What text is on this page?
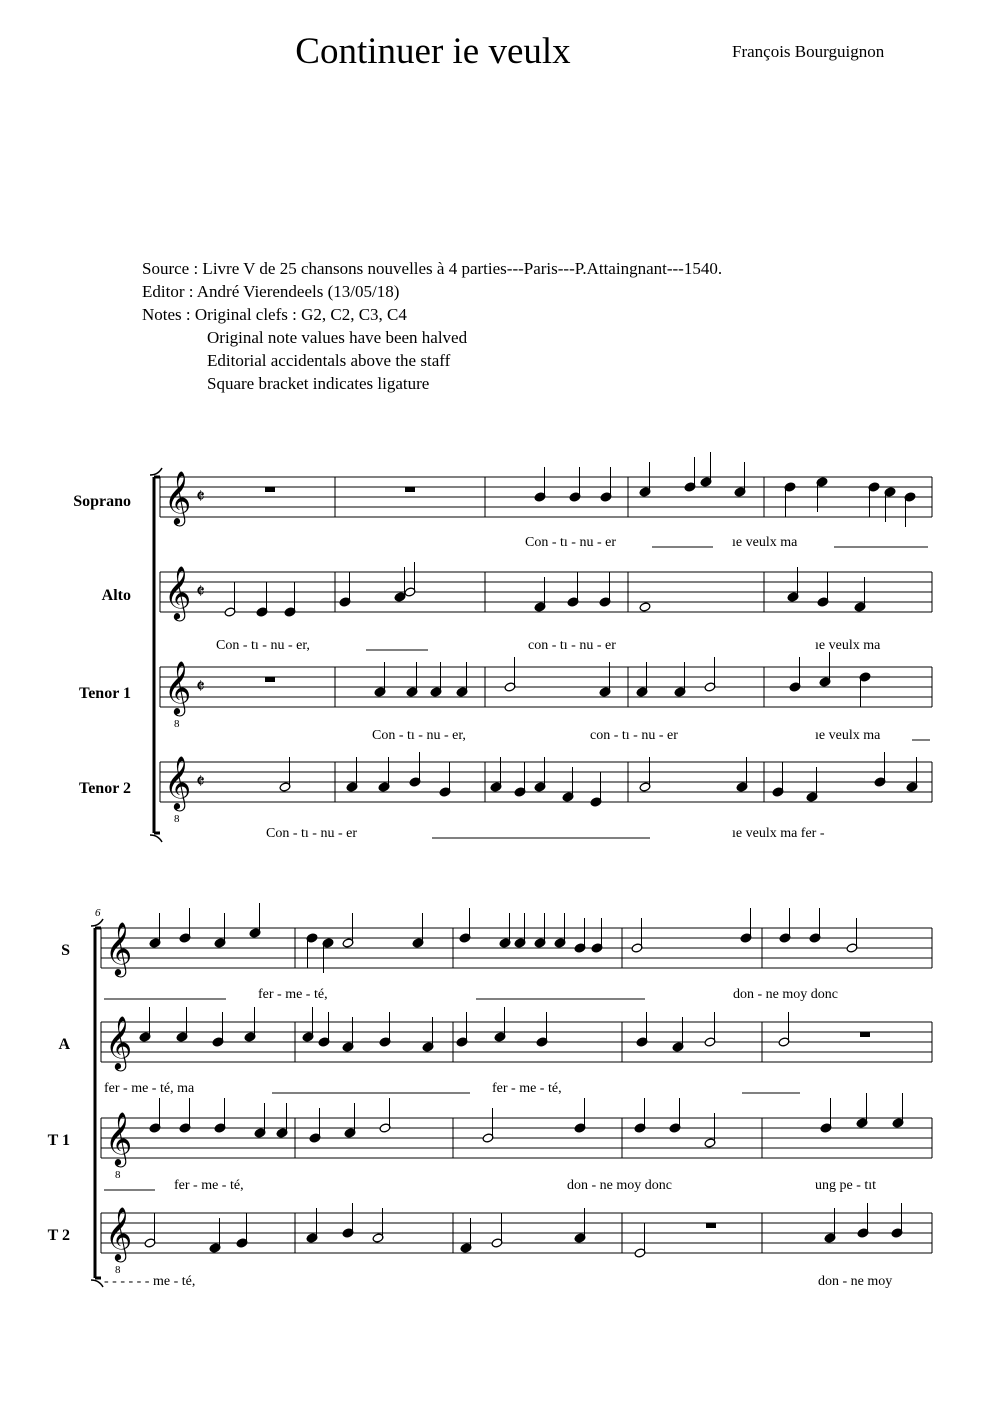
Continuer ie veulx	François Bourguignon
Source : Livre V de 25 chansons nouvelles à 4 parties---Paris---P.Attaingnant---1540.
Editor : André Vierendeels (13/05/18)
Notes : Original clefs : G2, C2, C3, C4
Original note values have been halved
Editorial accidentals above the staff
Square bracket indicates ligature
Soprano
Alto
Tenor 1
Tenor 2
𝄞 𝄵
𝄞 𝄵
𝄞
8
𝄵
𝄞
8
𝄵
Con - tı - nu - er	ıe veulx ma
Con - tı - nu - er,	con - tı - nu - er	ıe veulx ma
Con - tı - nu - er,	con - tı - nu - er	ıe veulx ma
Con - tı - nu - er	ıe veulx ma fer -
6
S
A
T 1
T 2
𝄞
𝄞
𝄞
8
𝄞
8
fer - me - té,	don - ne moy donc
fer - me - té, ma	fer - me - té,
fer - me - té,	don - ne moy donc	ung pe - tıt
- - - - - - me - té,	don - ne moy
